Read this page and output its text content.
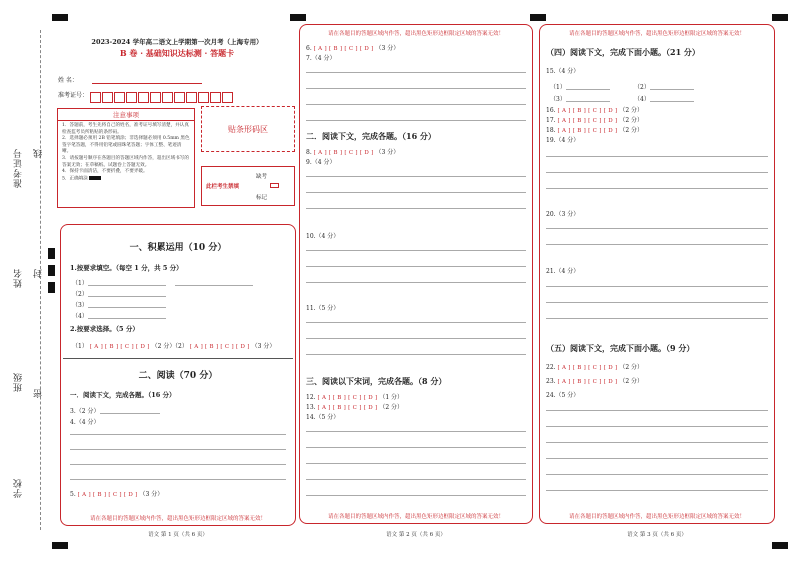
准考证号 线
姓名 封
班级
密
学校
2023-2024 学年高二语文上学期第一次月考（上海专用）
B 卷 · 基础知识达标测 · 答题卡
姓 名：
准考证号：
注意事项
1．答题前，考生先将自己的姓名，准考证号填写清楚，并认真检查监考员所粘贴的条形码。
2．选择题必须用 2B 铅笔填涂；非选择题必须用 0.5mm 黑色签字笔答题，不得用铅笔或圆珠笔答题；字体工整、笔迹清晰。
3．请按题号顺序在各题目的答题区域内作答，超出区域书写的答案无效；在草稿纸、试题卷上答题无效。
4．保持卡面清洁，不要折叠，不要弄破。
5．正确填涂
贴条形码区
此栏考生禁填
缺考
标记
一、积累运用（10 分）
1.按要求填空。（每空 1 分，共 5 分）
（1）
（2）
（3）
（4）
2.按要求选择。（5 分）
（1） [ A ] [ B ] [ C ] [ D ] （2 分）
（2） [ A ] [ B ] [ C ] [ D ] （3 分）
二、阅读（70 分）
一．阅读下文，完成各题。（16 分）
3.（2 分）
4.（4 分）
5. [ A ] [ B ] [ C ] [ D ] （3 分）
请在各题目的答题区域内作答，超出黑色矩形边框限定区域的答案无效！
语文 第 1 页（共 6 页）
请在各题目的答题区域内作答，超出黑色矩形边框限定区域的答案无效！
6. [ A ] [ B ] [ C ] [ D ] （3 分）
7.（4 分）
二．阅读下文，完成各题。（16 分）
8. [ A ] [ B ] [ C ] [ D ] （3 分）
9.（4 分）
10.（4 分）
11.（5 分）
三、阅读以下宋词，完成各题。（8 分）
12. [ A ] [ B ] [ C ] [ D ] （1 分）
13. [ A ] [ B ] [ C ] [ D ] （2 分）
14.（5 分）
请在各题目的答题区域内作答，超出黑色矩形边框限定区域的答案无效！
语文 第 2 页（共 6 页）
请在各题目的答题区域内作答，超出黑色矩形边框限定区域的答案无效！
（四）阅读下文，完成下面小题。（21 分）
15.（4 分）
（1）	（2）
（3）	（4）
16. [ A ] [ B ] [ C ] [ D ] （2 分）
17. [ A ] [ B ] [ C ] [ D ] （2 分）
18. [ A ] [ B ] [ C ] [ D ] （2 分）
19.（4 分）
20.（3 分）
21.（4 分）
（五）阅读下文，完成下面小题。（9 分）
22. [ A ] [ B ] [ C ] [ D ] （2 分）
23. [ A ] [ B ] [ C ] [ D ] （2 分）
24.（5 分）
请在各题目的答题区域内作答，超出黑色矩形边框限定区域的答案无效！
语文 第 3 页（共 6 页）
